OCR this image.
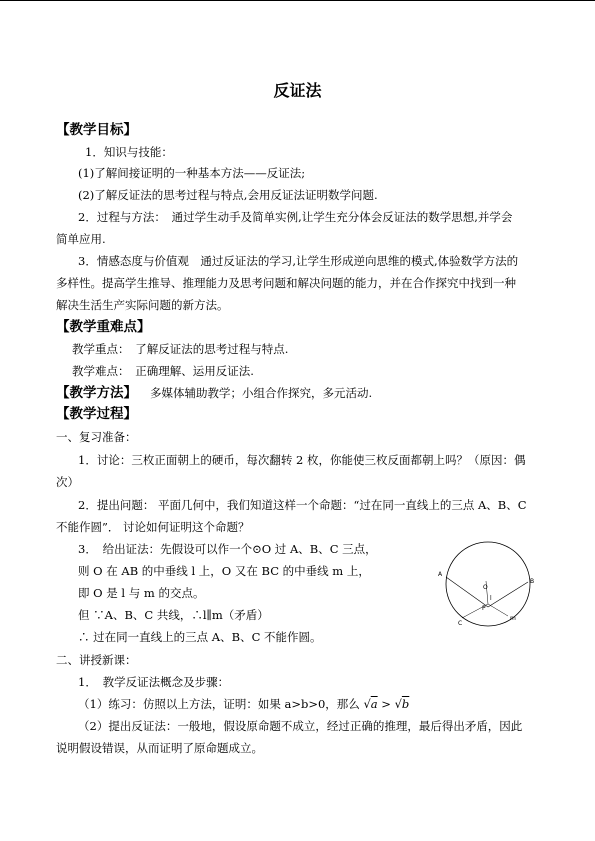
反证法
【教学目标】
1．知识与技能：
(1)了解间接证明的一种基本方法——反证法;
(2)了解反证法的思考过程与特点,会用反证法证明数学问题.
2．过程与方法：　通过学生动手及简单实例,让学生充分体会反证法的数学思想,并学会
简单应用.
3．情感态度与价值观　通过反证法的学习,让学生形成逆向思维的模式,体验数学方法的
多样性。提高学生推导、推理能力及思考问题和解决问题的能力，并在合作探究中找到一种
解决生活生产实际问题的新方法。
【教学重难点】
教学重点：　了解反证法的思考过程与特点.
教学难点：　正确理解、运用反证法.
【教学方法】 多媒体辅助教学；小组合作探究，多元活动.
【教学过程】
一、复习准备：
1．讨论：三枚正面朝上的硬币，每次翻转 2 枚，你能使三枚反面都朝上吗？（原因：偶
次）
2．提出问题： 平面几何中，我们知道这样一个命题：“过在同一直线上的三点 A、B、C
不能作圆”． 讨论如何证明这个命题？
3．　给出证法：先假设可以作一个⊙O 过 A、B、C 三点，
则 O 在 AB 的中垂线 l 上，O 又在 BC 的中垂线 m 上，
即 O 是 l 与 m 的交点。
但 ∵A、B、C 共线，∴l∥m（矛盾）
∴ 过在同一直线上的三点 A、B、C 不能作圆。
二、讲授新课：
1．　教学反证法概念及步骤：
（1）练习：仿照以上方法，证明：如果 a>b>0，那么 √a > √b
（2）提出反证法：一般地，假设原命题不成立，经过正确的推理，最后得出矛盾，因此
说明假设错误，从而证明了原命题成立。
A
B
C
O
P
l
m
